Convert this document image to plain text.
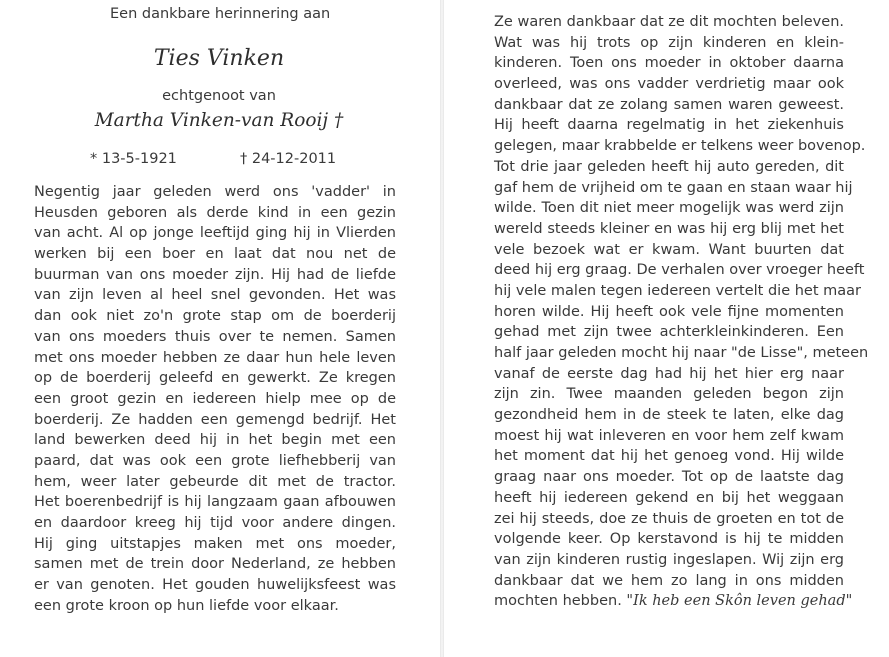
Een dankbare herinnering aan
Ties Vinken
echtgenoot van
Martha Vinken-van Rooij †
* 13-5-1921	† 24-12-2011
Negentig jaar geleden werd ons 'vadder' in
Heusden geboren als derde kind in een gezin
van acht. Al op jonge leeftijd ging hij in Vlierden
werken bij een boer en laat dat nou net de
buurman van ons moeder zijn. Hij had de liefde
van zijn leven al heel snel gevonden. Het was
dan ook niet zo'n grote stap om de boerderij
van ons moeders thuis over te nemen. Samen
met ons moeder hebben ze daar hun hele leven
op de boerderij geleefd en gewerkt. Ze kregen
een groot gezin en iedereen hielp mee op de
boerderij. Ze hadden een gemengd bedrijf. Het
land bewerken deed hij in het begin met een
paard, dat was ook een grote liefhebberij van
hem, weer later gebeurde dit met de tractor.
Het boerenbedrijf is hij langzaam gaan afbouwen
en daardoor kreeg hij tijd voor andere dingen.
Hij ging uitstapjes maken met ons moeder,
samen met de trein door Nederland, ze hebben
er van genoten. Het gouden huwelijksfeest was
een grote kroon op hun liefde voor elkaar.
Ze waren dankbaar dat ze dit mochten beleven.
Wat was hij trots op zijn kinderen en klein-
kinderen. Toen ons moeder in oktober daarna
overleed, was ons vadder verdrietig maar ook
dankbaar dat ze zolang samen waren geweest.
Hij heeft daarna regelmatig in het ziekenhuis
gelegen, maar krabbelde er telkens weer bovenop.
Tot drie jaar geleden heeft hij auto gereden, dit
gaf hem de vrijheid om te gaan en staan waar hij
wilde. Toen dit niet meer mogelijk was werd zijn
wereld steeds kleiner en was hij erg blij met het
vele bezoek wat er kwam. Want buurten dat
deed hij erg graag. De verhalen over vroeger heeft
hij vele malen tegen iedereen vertelt die het maar
horen wilde. Hij heeft ook vele fijne momenten
gehad met zijn twee achterkleinkinderen. Een
half jaar geleden mocht hij naar "de Lisse", meteen
vanaf de eerste dag had hij het hier erg naar
zijn zin. Twee maanden geleden begon zijn
gezondheid hem in de steek te laten, elke dag
moest hij wat inleveren en voor hem zelf kwam
het moment dat hij het genoeg vond. Hij wilde
graag naar ons moeder. Tot op de laatste dag
heeft hij iedereen gekend en bij het weggaan
zei hij steeds, doe ze thuis de groeten en tot de
volgende keer. Op kerstavond is hij te midden
van zijn kinderen rustig ingeslapen. Wij zijn erg
dankbaar dat we hem zo lang in ons midden
mochten hebben. "Ik heb een Skôn leven gehad"
